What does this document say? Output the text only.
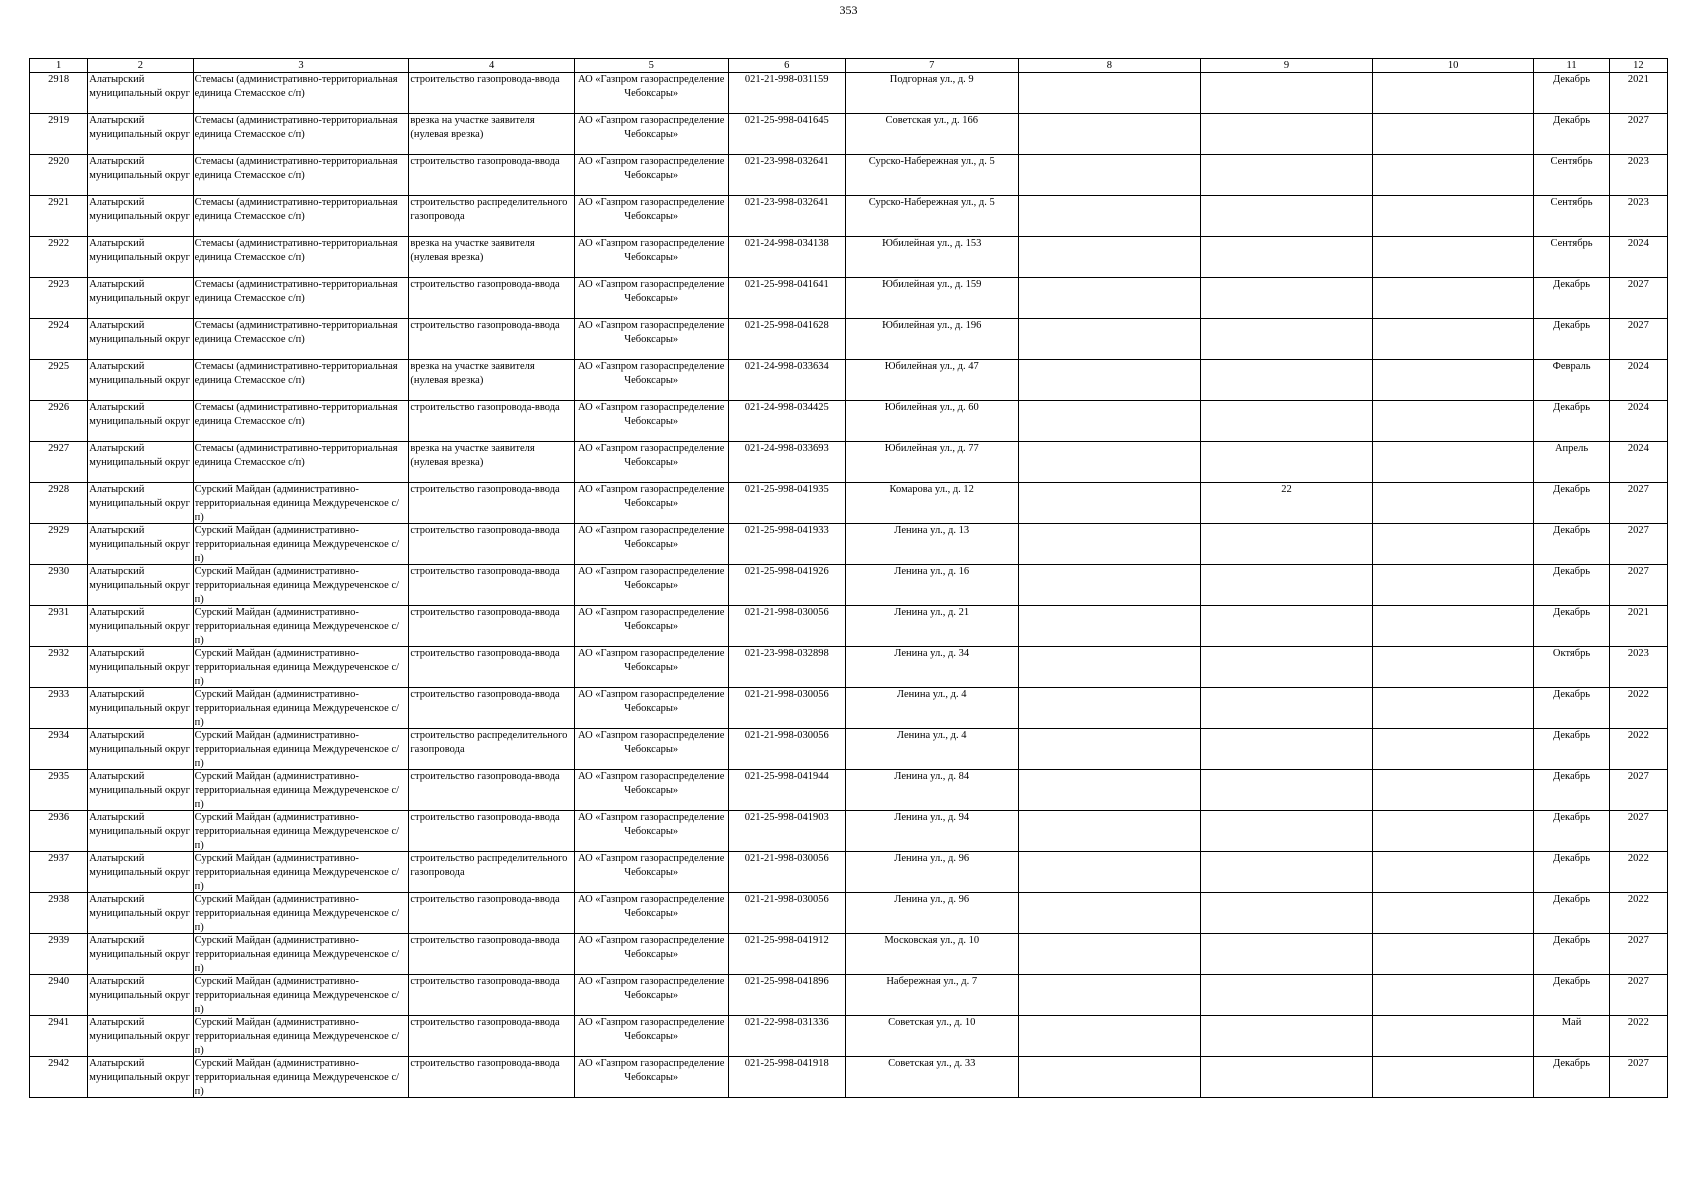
353
1	2	3	4	5	6	7	8	9	10	11	12

2918	Алатырский муниципальный округ	Стемасы (административно-территориальная единица Стемасское с/п)	строительство газопровода-ввода	АО «Газпром газораспределение Чебоксары»	021-21-998-031159	Подгорная ул., д. 9				Декабрь	2021

2919	Алатырский муниципальный округ	Стемасы (административно-территориальная единица Стемасское с/п)	врезка на участке заявителя (нулевая врезка)	АО «Газпром газораспределение Чебоксары»	021-25-998-041645	Советская ул., д. 166				Декабрь	2027

2920	Алатырский муниципальный округ	Стемасы (административно-территориальная единица Стемасское с/п)	строительство газопровода-ввода	АО «Газпром газораспределение Чебоксары»	021-23-998-032641	Сурско-Набережная ул., д. 5				Сентябрь	2023

2921	Алатырский муниципальный округ	Стемасы (административно-территориальная единица Стемасское с/п)	строительство распределительного газопровода	АО «Газпром газораспределение Чебоксары»	021-23-998-032641	Сурско-Набережная ул., д. 5				Сентябрь	2023

2922	Алатырский муниципальный округ	Стемасы (административно-территориальная единица Стемасское с/п)	врезка на участке заявителя (нулевая врезка)	АО «Газпром газораспределение Чебоксары»	021-24-998-034138	Юбилейная ул., д. 153				Сентябрь	2024

2923	Алатырский муниципальный округ	Стемасы (административно-территориальная единица Стемасское с/п)	строительство газопровода-ввода	АО «Газпром газораспределение Чебоксары»	021-25-998-041641	Юбилейная ул., д. 159				Декабрь	2027

2924	Алатырский муниципальный округ	Стемасы (административно-территориальная единица Стемасское с/п)	строительство газопровода-ввода	АО «Газпром газораспределение Чебоксары»	021-25-998-041628	Юбилейная ул., д. 196				Декабрь	2027

2925	Алатырский муниципальный округ	Стемасы (административно-территориальная единица Стемасское с/п)	врезка на участке заявителя (нулевая врезка)	АО «Газпром газораспределение Чебоксары»	021-24-998-033634	Юбилейная ул., д. 47				Февраль	2024

2926	Алатырский муниципальный округ	Стемасы (административно-территориальная единица Стемасское с/п)	строительство газопровода-ввода	АО «Газпром газораспределение Чебоксары»	021-24-998-034425	Юбилейная ул., д. 60				Декабрь	2024

2927	Алатырский муниципальный округ	Стемасы (административно-территориальная единица Стемасское с/п)	врезка на участке заявителя (нулевая врезка)	АО «Газпром газораспределение Чебоксары»	021-24-998-033693	Юбилейная ул., д. 77				Апрель	2024

2928	Алатырский муниципальный округ	Сурский Майдан (административно-территориальная единица Междуреченское с/п)	строительство газопровода-ввода	АО «Газпром газораспределение Чебоксары»	021-25-998-041935	Комарова ул., д. 12		22		Декабрь	2027

2929	Алатырский муниципальный округ	Сурский Майдан (административно-территориальная единица Междуреченское с/п)	строительство газопровода-ввода	АО «Газпром газораспределение Чебоксары»	021-25-998-041933	Ленина ул., д. 13				Декабрь	2027

2930	Алатырский муниципальный округ	Сурский Майдан (административно-территориальная единица Междуреченское с/п)	строительство газопровода-ввода	АО «Газпром газораспределение Чебоксары»	021-25-998-041926	Ленина ул., д. 16				Декабрь	2027

2931	Алатырский муниципальный округ	Сурский Майдан (административно-территориальная единица Междуреченское с/п)	строительство газопровода-ввода	АО «Газпром газораспределение Чебоксары»	021-21-998-030056	Ленина ул., д. 21				Декабрь	2021

2932	Алатырский муниципальный округ	Сурский Майдан (административно-территориальная единица Междуреченское с/п)	строительство газопровода-ввода	АО «Газпром газораспределение Чебоксары»	021-23-998-032898	Ленина ул., д. 34				Октябрь	2023

2933	Алатырский муниципальный округ	Сурский Майдан (административно-территориальная единица Междуреченское с/п)	строительство газопровода-ввода	АО «Газпром газораспределение Чебоксары»	021-21-998-030056	Ленина ул., д. 4				Декабрь	2022

2934	Алатырский муниципальный округ	Сурский Майдан (административно-территориальная единица Междуреченское с/п)	строительство распределительного газопровода	АО «Газпром газораспределение Чебоксары»	021-21-998-030056	Ленина ул., д. 4				Декабрь	2022

2935	Алатырский муниципальный округ	Сурский Майдан (административно-территориальная единица Междуреченское с/п)	строительство газопровода-ввода	АО «Газпром газораспределение Чебоксары»	021-25-998-041944	Ленина ул., д. 84				Декабрь	2027

2936	Алатырский муниципальный округ	Сурский Майдан (административно-территориальная единица Междуреченское с/п)	строительство газопровода-ввода	АО «Газпром газораспределение Чебоксары»	021-25-998-041903	Ленина ул., д. 94				Декабрь	2027

2937	Алатырский муниципальный округ	Сурский Майдан (административно-территориальная единица Междуреченское с/п)	строительство распределительного газопровода	АО «Газпром газораспределение Чебоксары»	021-21-998-030056	Ленина ул., д. 96				Декабрь	2022

2938	Алатырский муниципальный округ	Сурский Майдан (административно-территориальная единица Междуреченское с/п)	строительство газопровода-ввода	АО «Газпром газораспределение Чебоксары»	021-21-998-030056	Ленина ул., д. 96				Декабрь	2022

2939	Алатырский муниципальный округ	Сурский Майдан (административно-территориальная единица Междуреченское с/п)	строительство газопровода-ввода	АО «Газпром газораспределение Чебоксары»	021-25-998-041912	Московская ул., д. 10				Декабрь	2027

2940	Алатырский муниципальный округ	Сурский Майдан (административно-территориальная единица Междуреченское с/п)	строительство газопровода-ввода	АО «Газпром газораспределение Чебоксары»	021-25-998-041896	Набережная ул., д. 7				Декабрь	2027

2941	Алатырский муниципальный округ	Сурский Майдан (административно-территориальная единица Междуреченское с/п)	строительство газопровода-ввода	АО «Газпром газораспределение Чебоксары»	021-22-998-031336	Советская ул., д. 10				Май	2022

2942	Алатырский муниципальный округ	Сурский Майдан (административно-территориальная единица Междуреченское с/п)	строительство газопровода-ввода	АО «Газпром газораспределение Чебоксары»	021-25-998-041918	Советская ул., д. 33				Декабрь	2027
